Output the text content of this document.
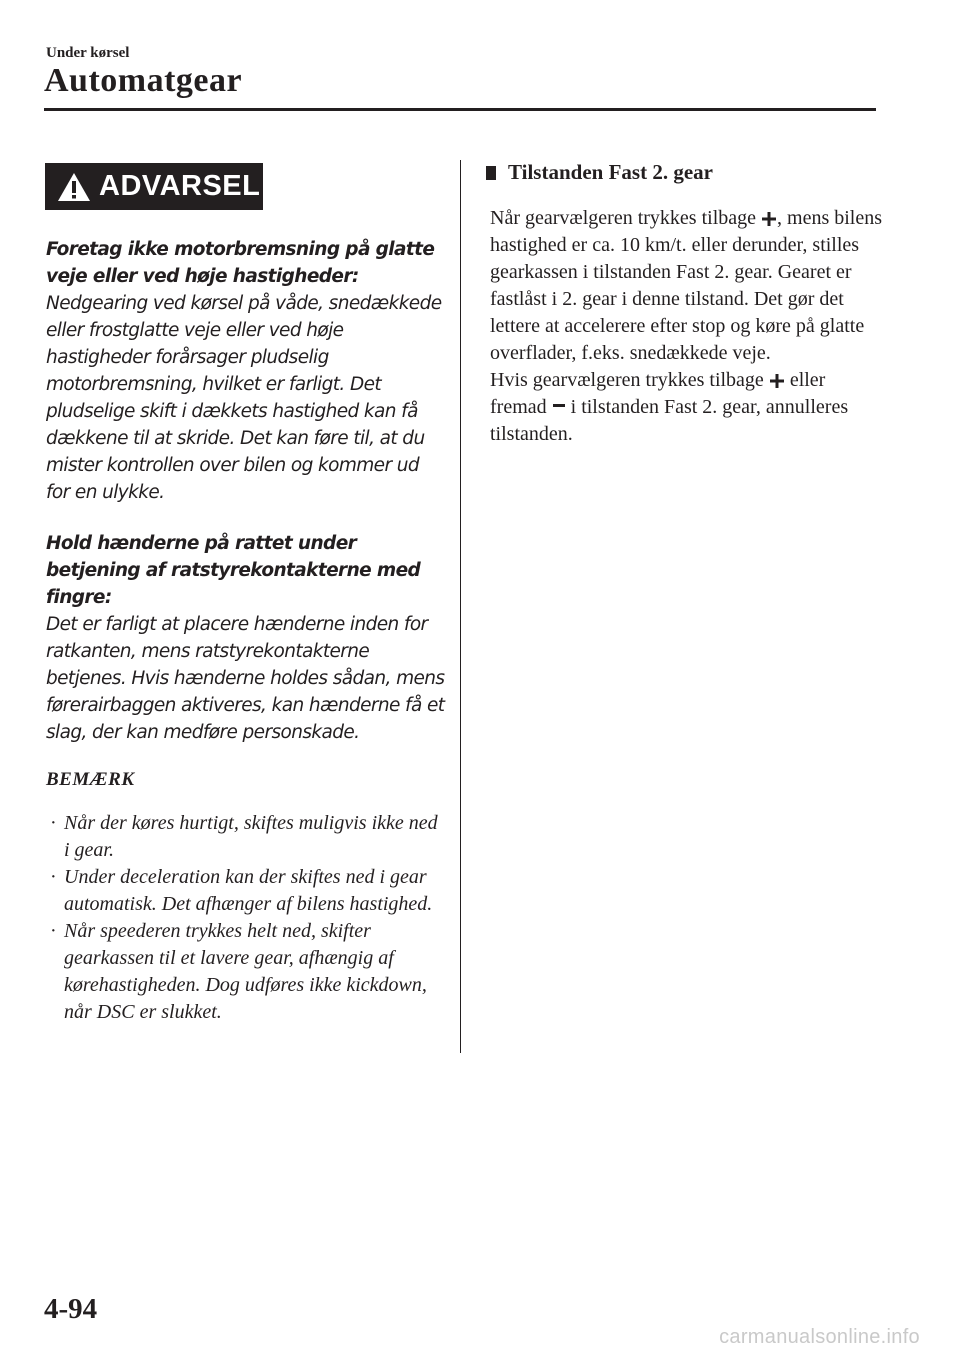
Under kørsel
Automatgear
ADVARSEL
Foretag ikke motorbremsning på glatte veje eller ved høje hastigheder:
Nedgearing ved kørsel på våde, snedækkede eller frostglatte veje eller ved høje hastigheder forårsager pludselig motorbremsning, hvilket er farligt. Det pludselige skift i dækkets hastighed kan få dækkene til at skride. Det kan føre til, at du mister kontrollen over bilen og kommer ud for en ulykke.
Hold hænderne på rattet under betjening af ratstyrekontakterne med fingre:
Det er farligt at placere hænderne inden for ratkanten, mens ratstyrekontakterne betjenes. Hvis hænderne holdes sådan, mens førerairbaggen aktiveres, kan hænderne få et slag, der kan medføre personskade.
BEMÆRK
· Når der køres hurtigt, skiftes muligvis ikke ned i gear.
· Under deceleration kan der skiftes ned i gear automatisk. Det afhænger af bilens hastighed.
· Når speederen trykkes helt ned, skifter gearkassen til et lavere gear, afhængig af kørehastigheden. Dog udføres ikke kickdown, når DSC er slukket.
Tilstanden Fast 2. gear

Når gearvælgeren trykkes tilbage , mens bilens hastighed er ca. 10 km/t. eller derunder, stilles gearkassen i tilstanden Fast 2. gear. Gearet er fastlåst i 2. gear i denne tilstand. Det gør det lettere at accelerere efter stop og køre på glatte overflader, f.eks. snedækkede veje.

Hvis gearvælgeren trykkes tilbage eller fremad i tilstanden Fast 2. gear, annulleres tilstanden.

4-94
carmanualsonline.info
